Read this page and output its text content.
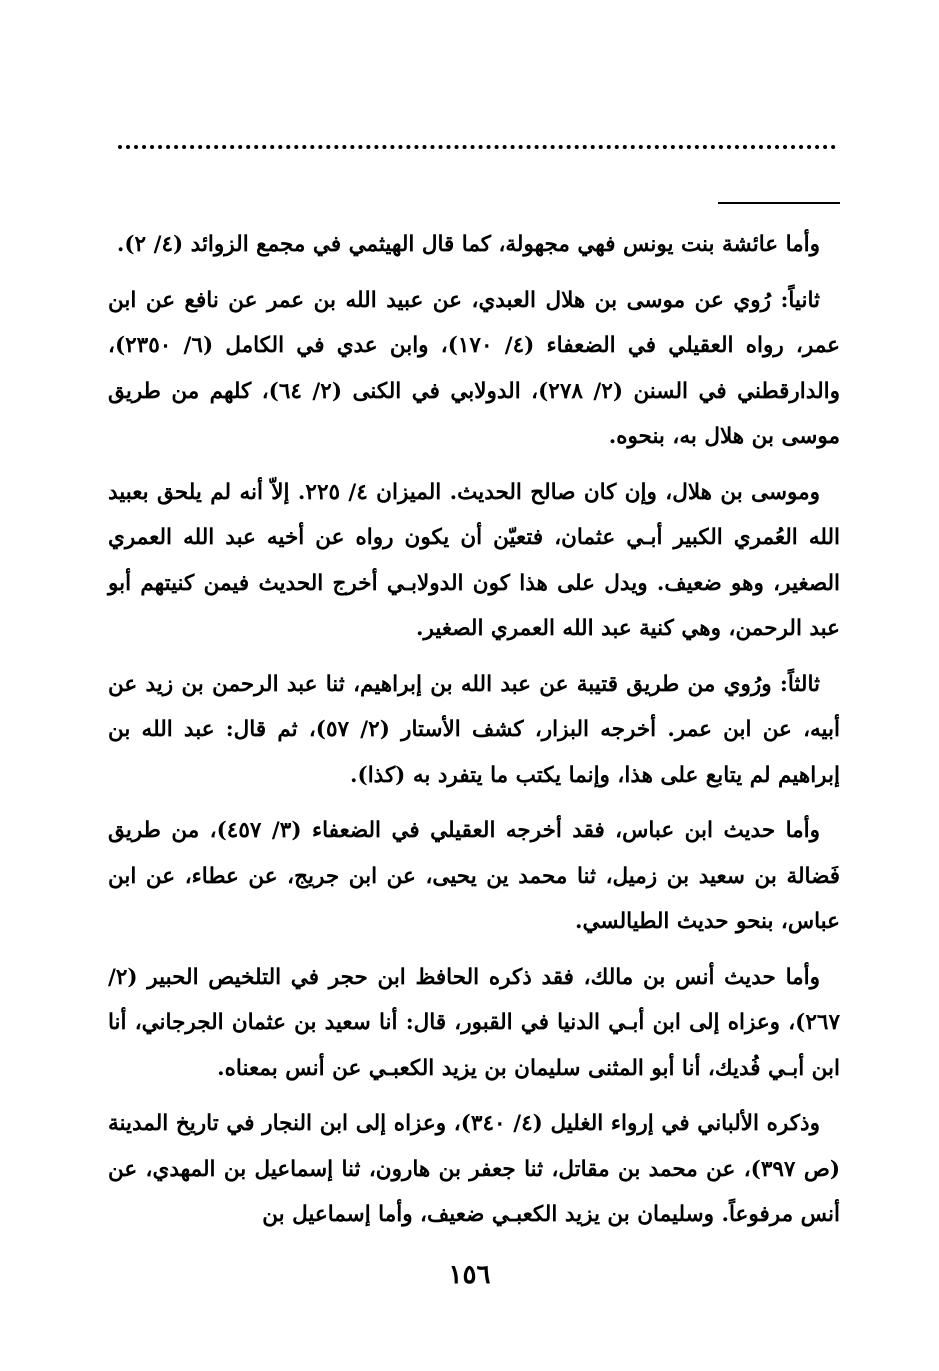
وأما عائشة بنت يونس فهي مجهولة، كما قال الهيثمي في مجمع الزوائد (٤/ ٢).

ثانياً: رُوي عن موسى بن هلال العبدي، عن عبيد الله بن عمر عن نافع عن ابن عمر، رواه العقيلي في الضعفاء (٤/ ١٧٠)، وابن عدي في الكامل (٦/ ٢٣٥٠)، والدارقطني في السنن (٢/ ٢٧٨)، الدولابي في الكنى (٢/ ٦٤)، كلهم من طريق موسى بن هلال به، بنحوه.

وموسى بن هلال، وإن كان صالح الحديث. الميزان ٤/ ٢٢٥. إلاّ أنه لم يلحق بعبيد الله العُمري الكبير أبـي عثمان، فتعيّن أن يكون رواه عن أخيه عبد الله العمري الصغير، وهو ضعيف. ويدل على هذا كون الدولابـي أخرج الحديث فيمن كنيتهم أبو عبد الرحمن، وهي كنية عبد الله العمري الصغير.

ثالثاً: ورُوي من طريق قتيبة عن عبد الله بن إبراهيم، ثنا عبد الرحمن بن زيد عن أبيه، عن ابن عمر. أخرجه البزار، كشف الأستار (٢/ ٥٧)، ثم قال: عبد الله بن إبراهيم لم يتابع على هذا، وإنما يكتب ما يتفرد به (كذا).

وأما حديث ابن عباس، فقد أخرجه العقيلي في الضعفاء (٣/ ٤٥٧)، من طريق فَضالة بن سعيد بن زميل، ثنا محمد ين يحيى، عن ابن جريج، عن عطاء، عن ابن عباس، بنحو حديث الطيالسي.

وأما حديث أنس بن مالك، فقد ذكره الحافظ ابن حجر في التلخيص الحبير (٢/ ٢٦٧)، وعزاه إلى ابن أبـي الدنيا في القبور، قال: أنا سعيد بن عثمان الجرجاني، أنا ابن أبـي فُديك، أنا أبو المثنى سليمان بن يزيد الكعبـي عن أنس بمعناه.

وذكره الألباني في إرواء الغليل (٤/ ٣٤٠)، وعزاه إلى ابن النجار في تاريخ المدينة (ص ٣٩٧)، عن محمد بن مقاتل، ثنا جعفر بن هارون، ثنا إسماعيل بن المهدي، عن أنس مرفوعاً. وسليمان بن يزيد الكعبـي ضعيف، وأما إسماعيل بن

١٥٦
